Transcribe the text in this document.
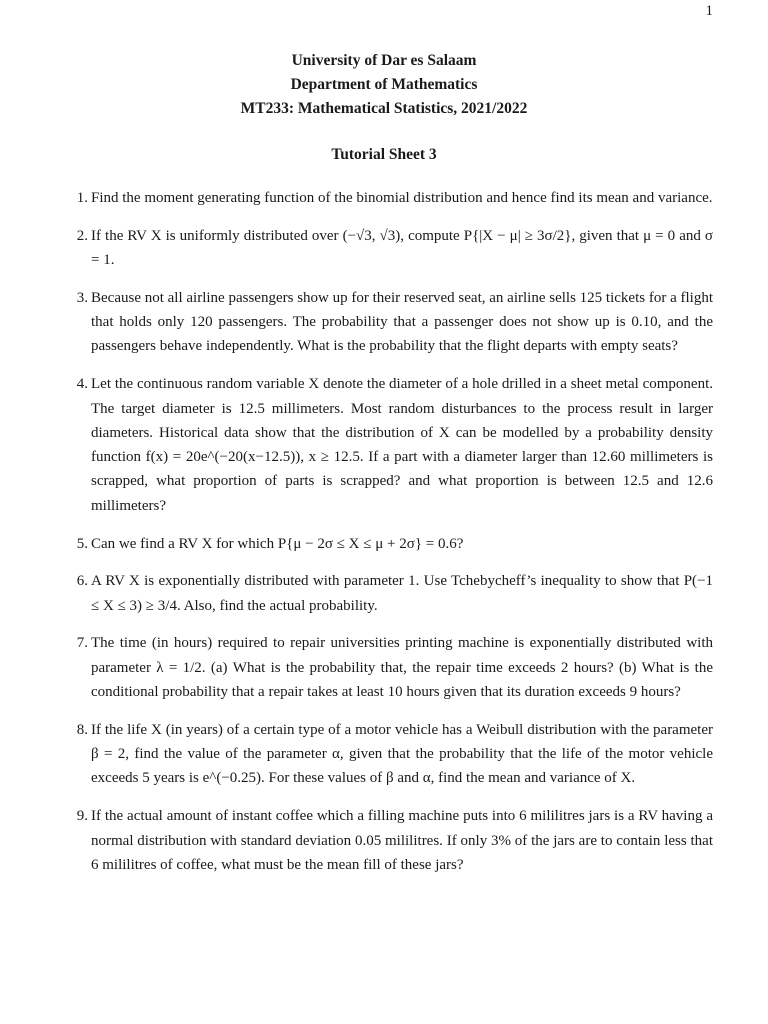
1
University of Dar es Salaam
Department of Mathematics
MT233: Mathematical Statistics, 2021/2022
Tutorial Sheet 3
1. Find the moment generating function of the binomial distribution and hence find its mean and variance.
2. If the RV X is uniformly distributed over (−√3, √3), compute P{|X − μ| ≥ 3σ/2}, given that μ = 0 and σ = 1.
3. Because not all airline passengers show up for their reserved seat, an airline sells 125 tickets for a flight that holds only 120 passengers. The probability that a passenger does not show up is 0.10, and the passengers behave independently. What is the probability that the flight departs with empty seats?
4. Let the continuous random variable X denote the diameter of a hole drilled in a sheet metal component. The target diameter is 12.5 millimeters. Most random disturbances to the process result in larger diameters. Historical data show that the distribution of X can be modelled by a probability density function f(x) = 20e^(−20(x−12.5)), x ≥ 12.5. If a part with a diameter larger than 12.60 millimeters is scrapped, what proportion of parts is scrapped? and what proportion is between 12.5 and 12.6 millimeters?
5. Can we find a RV X for which P{μ − 2σ ≤ X ≤ μ + 2σ} = 0.6?
6. A RV X is exponentially distributed with parameter 1. Use Tchebycheff’s inequality to show that P(−1 ≤ X ≤ 3) ≥ 3/4. Also, find the actual probability.
7. The time (in hours) required to repair universities printing machine is exponentially distributed with parameter λ = 1/2. (a) What is the probability that, the repair time exceeds 2 hours? (b) What is the conditional probability that a repair takes at least 10 hours given that its duration exceeds 9 hours?
8. If the life X (in years) of a certain type of a motor vehicle has a Weibull distribution with the parameter β = 2, find the value of the parameter α, given that the probability that the life of the motor vehicle exceeds 5 years is e^(−0.25). For these values of β and α, find the mean and variance of X.
9. If the actual amount of instant coffee which a filling machine puts into 6 mililitres jars is a RV having a normal distribution with standard deviation 0.05 mililitres. If only 3% of the jars are to contain less that 6 mililitres of coffee, what must be the mean fill of these jars?
